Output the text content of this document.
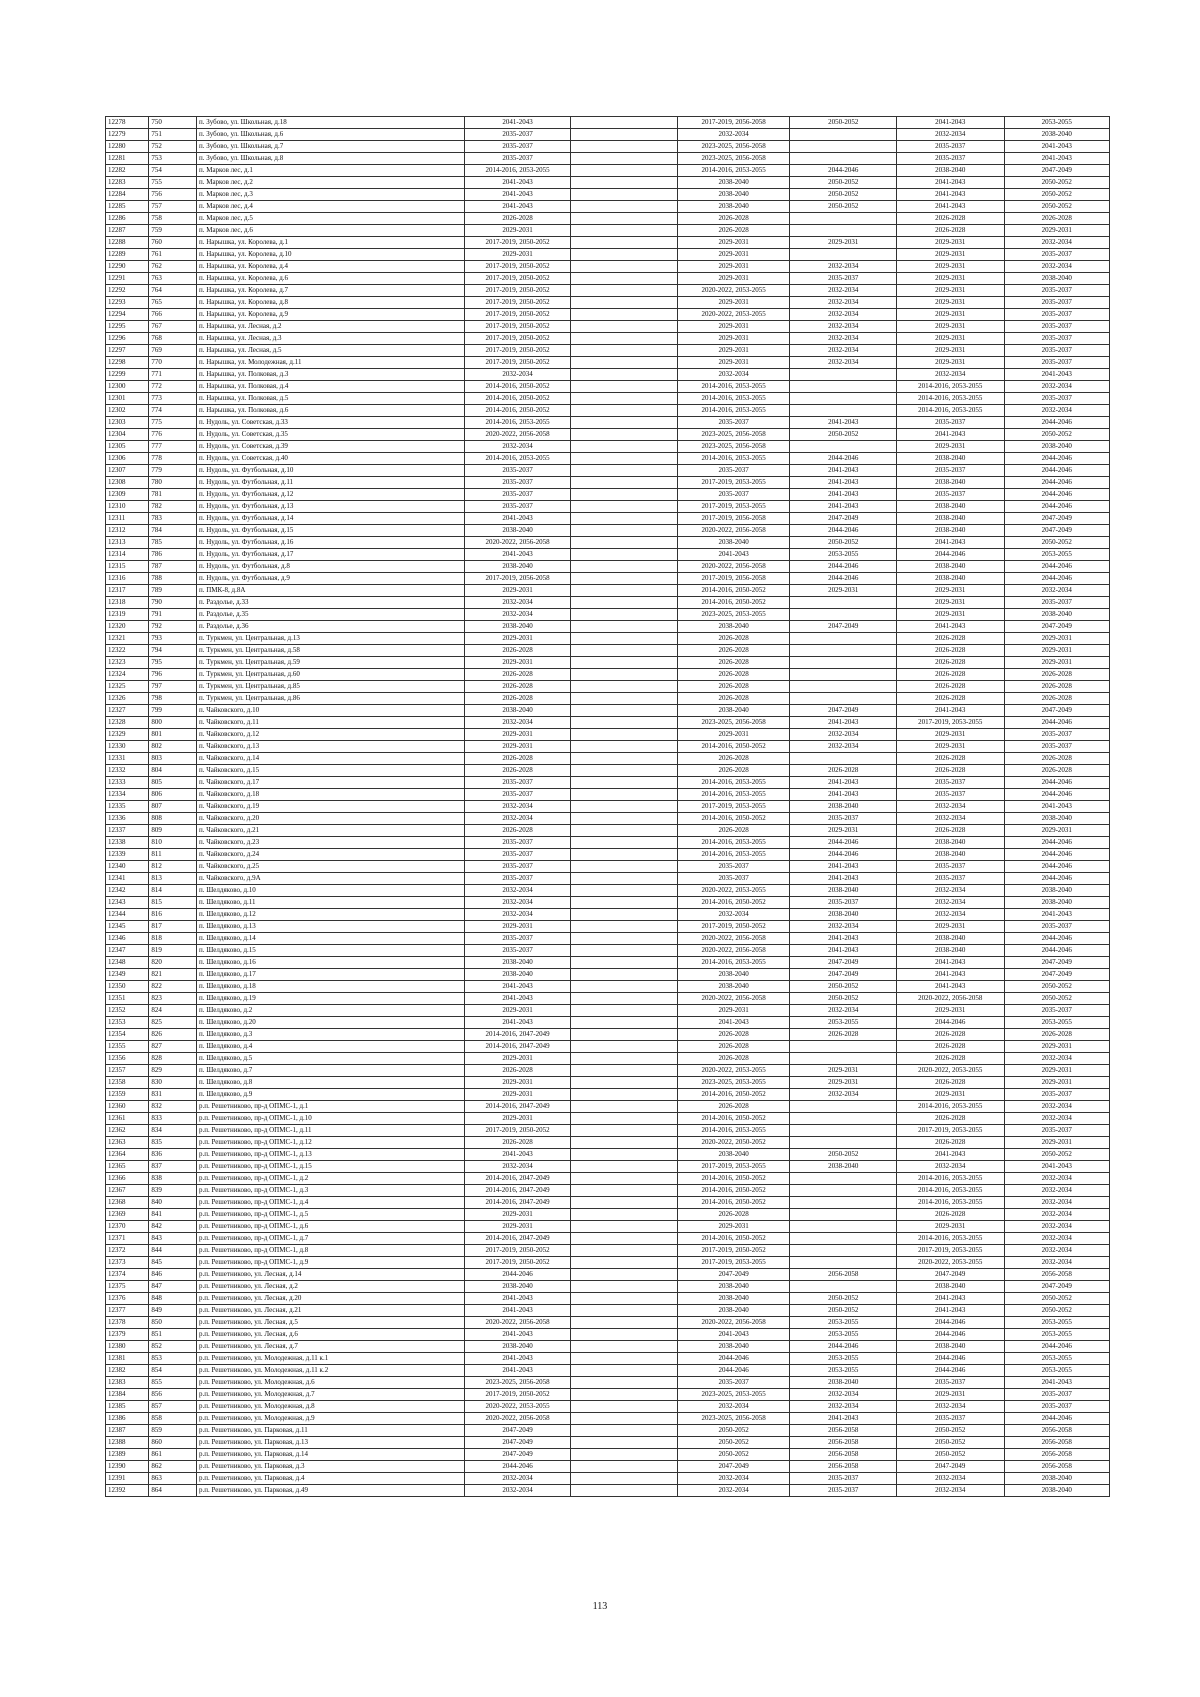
12278	750	п. Зубово, ул. Школьная, д.18	2041-2043		2017-2019, 2056-2058	2050-2052	2041-2043	2053-2055
12279	751	п. Зубово, ул. Школьная, д.6	2035-2037		2032-2034		2032-2034	2038-2040
12280	752	п. Зубово, ул. Школьная, д.7	2035-2037		2023-2025, 2056-2058		2035-2037	2041-2043
12281	753	п. Зубово, ул. Школьная, д.8	2035-2037		2023-2025, 2056-2058		2035-2037	2041-2043
12282	754	п. Марков лес, д.1	2014-2016, 2053-2055		2014-2016, 2053-2055	2044-2046	2038-2040	2047-2049
12283	755	п. Марков лес, д.2	2041-2043		2038-2040	2050-2052	2041-2043	2050-2052
12284	756	п. Марков лес, д.3	2041-2043		2038-2040	2050-2052	2041-2043	2050-2052
12285	757	п. Марков лес, д.4	2041-2043		2038-2040	2050-2052	2041-2043	2050-2052
12286	758	п. Марков лес, д.5	2026-2028		2026-2028		2026-2028	2026-2028
12287	759	п. Марков лес, д.6	2029-2031		2026-2028		2026-2028	2029-2031
12288	760	п. Нарышка, ул. Королева, д.1	2017-2019, 2050-2052		2029-2031	2029-2031	2029-2031	2032-2034
12289	761	п. Нарышка, ул. Королева, д.10	2029-2031		2029-2031		2029-2031	2035-2037
12290	762	п. Нарышка, ул. Королева, д.4	2017-2019, 2050-2052		2029-2031	2032-2034	2029-2031	2032-2034
12291	763	п. Нарышка, ул. Королева, д.6	2017-2019, 2050-2052		2029-2031	2035-2037	2029-2031	2038-2040
12292	764	п. Нарышка, ул. Королева, д.7	2017-2019, 2050-2052		2020-2022, 2053-2055	2032-2034	2029-2031	2035-2037
12293	765	п. Нарышка, ул. Королева, д.8	2017-2019, 2050-2052		2029-2031	2032-2034	2029-2031	2035-2037
12294	766	п. Нарышка, ул. Королева, д.9	2017-2019, 2050-2052		2020-2022, 2053-2055	2032-2034	2029-2031	2035-2037
12295	767	п. Нарышка, ул. Лесная, д.2	2017-2019, 2050-2052		2029-2031	2032-2034	2029-2031	2035-2037
12296	768	п. Нарышка, ул. Лесная, д.3	2017-2019, 2050-2052		2029-2031	2032-2034	2029-2031	2035-2037
12297	769	п. Нарышка, ул. Лесная, д.5	2017-2019, 2050-2052		2029-2031	2032-2034	2029-2031	2035-2037
12298	770	п. Нарышка, ул. Молодежная, д.11	2017-2019, 2050-2052		2029-2031	2032-2034	2029-2031	2035-2037
12299	771	п. Нарышка, ул. Полковая, д.3	2032-2034		2032-2034		2032-2034	2041-2043
12300	772	п. Нарышка, ул. Полковая, д.4	2014-2016, 2050-2052		2014-2016, 2053-2055		2014-2016, 2053-2055	2032-2034
12301	773	п. Нарышка, ул. Полковая, д.5	2014-2016, 2050-2052		2014-2016, 2053-2055		2014-2016, 2053-2055	2035-2037
12302	774	п. Нарышка, ул. Полковая, д.6	2014-2016, 2050-2052		2014-2016, 2053-2055		2014-2016, 2053-2055	2032-2034
12303	775	п. Нудоль, ул. Советская, д.33	2014-2016, 2053-2055		2035-2037	2041-2043	2035-2037	2044-2046
12304	776	п. Нудоль, ул. Советская, д.35	2020-2022, 2056-2058		2023-2025, 2056-2058	2050-2052	2041-2043	2050-2052
12305	777	п. Нудоль, ул. Советская, д.39	2032-2034		2023-2025, 2056-2058		2029-2031	2038-2040
12306	778	п. Нудоль, ул. Советская, д.40	2014-2016, 2053-2055		2014-2016, 2053-2055	2044-2046	2038-2040	2044-2046
12307	779	п. Нудоль, ул. Футбольная, д.10	2035-2037		2035-2037	2041-2043	2035-2037	2044-2046
12308	780	п. Нудоль, ул. Футбольная, д.11	2035-2037		2017-2019, 2053-2055	2041-2043	2038-2040	2044-2046
12309	781	п. Нудоль, ул. Футбольная, д.12	2035-2037		2035-2037	2041-2043	2035-2037	2044-2046
12310	782	п. Нудоль, ул. Футбольная, д.13	2035-2037		2017-2019, 2053-2055	2041-2043	2038-2040	2044-2046
12311	783	п. Нудоль, ул. Футбольная, д.14	2041-2043		2017-2019, 2056-2058	2047-2049	2038-2040	2047-2049
12312	784	п. Нудоль, ул. Футбольная, д.15	2038-2040		2020-2022, 2056-2058	2044-2046	2038-2040	2047-2049
12313	785	п. Нудоль, ул. Футбольная, д.16	2020-2022, 2056-2058		2038-2040	2050-2052	2041-2043	2050-2052
12314	786	п. Нудоль, ул. Футбольная, д.17	2041-2043		2041-2043	2053-2055	2044-2046	2053-2055
12315	787	п. Нудоль, ул. Футбольная, д.8	2038-2040		2020-2022, 2056-2058	2044-2046	2038-2040	2044-2046
12316	788	п. Нудоль, ул. Футбольная, д.9	2017-2019, 2056-2058		2017-2019, 2056-2058	2044-2046	2038-2040	2044-2046
12317	789	п. ПМК-8, д.8А	2029-2031		2014-2016, 2050-2052	2029-2031	2029-2031	2032-2034
12318	790	п. Раздолье, д.33	2032-2034		2014-2016, 2050-2052		2029-2031	2035-2037
12319	791	п. Раздолье, д.35	2032-2034		2023-2025, 2053-2055		2029-2031	2038-2040
12320	792	п. Раздолье, д.36	2038-2040		2038-2040	2047-2049	2041-2043	2047-2049
12321	793	п. Туркмен, ул. Центральная, д.13	2029-2031		2026-2028		2026-2028	2029-2031
12322	794	п. Туркмен, ул. Центральная, д.58	2026-2028		2026-2028		2026-2028	2029-2031
12323	795	п. Туркмен, ул. Центральная, д.59	2029-2031		2026-2028		2026-2028	2029-2031
12324	796	п. Туркмен, ул. Центральная, д.60	2026-2028		2026-2028		2026-2028	2026-2028
12325	797	п. Туркмен, ул. Центральная, д.85	2026-2028		2026-2028		2026-2028	2026-2028
12326	798	п. Туркмен, ул. Центральная, д.86	2026-2028		2026-2028		2026-2028	2026-2028
12327	799	п. Чайковского, д.10	2038-2040		2038-2040	2047-2049	2041-2043	2047-2049
12328	800	п. Чайковского, д.11	2032-2034		2023-2025, 2056-2058	2041-2043	2017-2019, 2053-2055	2044-2046
12329	801	п. Чайковского, д.12	2029-2031		2029-2031	2032-2034	2029-2031	2035-2037
12330	802	п. Чайковского, д.13	2029-2031		2014-2016, 2050-2052	2032-2034	2029-2031	2035-2037
12331	803	п. Чайковского, д.14	2026-2028		2026-2028		2026-2028	2026-2028
12332	804	п. Чайковского, д.15	2026-2028		2026-2028	2026-2028	2026-2028	2026-2028
12333	805	п. Чайковского, д.17	2035-2037		2014-2016, 2053-2055	2041-2043	2035-2037	2044-2046
12334	806	п. Чайковского, д.18	2035-2037		2014-2016, 2053-2055	2041-2043	2035-2037	2044-2046
12335	807	п. Чайковского, д.19	2032-2034		2017-2019, 2053-2055	2038-2040	2032-2034	2041-2043
12336	808	п. Чайковского, д.20	2032-2034		2014-2016, 2050-2052	2035-2037	2032-2034	2038-2040
12337	809	п. Чайковского, д.21	2026-2028		2026-2028	2029-2031	2026-2028	2029-2031
12338	810	п. Чайковского, д.23	2035-2037		2014-2016, 2053-2055	2044-2046	2038-2040	2044-2046
12339	811	п. Чайковского, д.24	2035-2037		2014-2016, 2053-2055	2044-2046	2038-2040	2044-2046
12340	812	п. Чайковского, д.25	2035-2037		2035-2037	2041-2043	2035-2037	2044-2046
12341	813	п. Чайковского, д.9А	2035-2037		2035-2037	2041-2043	2035-2037	2044-2046
12342	814	п. Шелдяково, д.10	2032-2034		2020-2022, 2053-2055	2038-2040	2032-2034	2038-2040
12343	815	п. Шелдяково, д.11	2032-2034		2014-2016, 2050-2052	2035-2037	2032-2034	2038-2040
12344	816	п. Шелдяково, д.12	2032-2034		2032-2034	2038-2040	2032-2034	2041-2043
12345	817	п. Шелдяково, д.13	2029-2031		2017-2019, 2050-2052	2032-2034	2029-2031	2035-2037
12346	818	п. Шелдяково, д.14	2035-2037		2020-2022, 2056-2058	2041-2043	2038-2040	2044-2046
12347	819	п. Шелдяково, д.15	2035-2037		2020-2022, 2056-2058	2041-2043	2038-2040	2044-2046
12348	820	п. Шелдяково, д.16	2038-2040		2014-2016, 2053-2055	2047-2049	2041-2043	2047-2049
12349	821	п. Шелдяково, д.17	2038-2040		2038-2040	2047-2049	2041-2043	2047-2049
12350	822	п. Шелдяково, д.18	2041-2043		2038-2040	2050-2052	2041-2043	2050-2052
12351	823	п. Шелдяково, д.19	2041-2043		2020-2022, 2056-2058	2050-2052	2020-2022, 2056-2058	2050-2052
12352	824	п. Шелдяково, д.2	2029-2031		2029-2031	2032-2034	2029-2031	2035-2037
12353	825	п. Шелдяково, д.20	2041-2043		2041-2043	2053-2055	2044-2046	2053-2055
12354	826	п. Шелдяково, д.3	2014-2016, 2047-2049		2026-2028	2026-2028	2026-2028	2026-2028
12355	827	п. Шелдяково, д.4	2014-2016, 2047-2049		2026-2028		2026-2028	2029-2031
12356	828	п. Шелдяково, д.5	2029-2031		2026-2028		2026-2028	2032-2034
12357	829	п. Шелдяково, д.7	2026-2028		2020-2022, 2053-2055	2029-2031	2020-2022, 2053-2055	2029-2031
12358	830	п. Шелдяково, д.8	2029-2031		2023-2025, 2053-2055	2029-2031	2026-2028	2029-2031
12359	831	п. Шелдяково, д.9	2029-2031		2014-2016, 2050-2052	2032-2034	2029-2031	2035-2037
12360	832	р.п. Решетниково, пр-д ОПМС-1, д.1	2014-2016, 2047-2049		2026-2028		2014-2016, 2053-2055	2032-2034
12361	833	р.п. Решетниково, пр-д ОПМС-1, д.10	2029-2031		2014-2016, 2050-2052		2026-2028	2032-2034
12362	834	р.п. Решетниково, пр-д ОПМС-1, д.11	2017-2019, 2050-2052		2014-2016, 2053-2055		2017-2019, 2053-2055	2035-2037
12363	835	р.п. Решетниково, пр-д ОПМС-1, д.12	2026-2028		2020-2022, 2050-2052		2026-2028	2029-2031
12364	836	р.п. Решетниково, пр-д ОПМС-1, д.13	2041-2043		2038-2040	2050-2052	2041-2043	2050-2052
12365	837	р.п. Решетниково, пр-д ОПМС-1, д.15	2032-2034		2017-2019, 2053-2055	2038-2040	2032-2034	2041-2043
12366	838	р.п. Решетниково, пр-д ОПМС-1, д.2	2014-2016, 2047-2049		2014-2016, 2050-2052		2014-2016, 2053-2055	2032-2034
12367	839	р.п. Решетниково, пр-д ОПМС-1, д.3	2014-2016, 2047-2049		2014-2016, 2050-2052		2014-2016, 2053-2055	2032-2034
12368	840	р.п. Решетниково, пр-д ОПМС-1, д.4	2014-2016, 2047-2049		2014-2016, 2050-2052		2014-2016, 2053-2055	2032-2034
12369	841	р.п. Решетниково, пр-д ОПМС-1, д.5	2029-2031		2026-2028		2026-2028	2032-2034
12370	842	р.п. Решетниково, пр-д ОПМС-1, д.6	2029-2031		2029-2031		2029-2031	2032-2034
12371	843	р.п. Решетниково, пр-д ОПМС-1, д.7	2014-2016, 2047-2049		2014-2016, 2050-2052		2014-2016, 2053-2055	2032-2034
12372	844	р.п. Решетниково, пр-д ОПМС-1, д.8	2017-2019, 2050-2052		2017-2019, 2050-2052		2017-2019, 2053-2055	2032-2034
12373	845	р.п. Решетниково, пр-д ОПМС-1, д.9	2017-2019, 2050-2052		2017-2019, 2053-2055		2020-2022, 2053-2055	2032-2034
12374	846	р.п. Решетниково, ул. Лесная, д.14	2044-2046		2047-2049	2056-2058	2047-2049	2056-2058
12375	847	р.п. Решетниково, ул. Лесная, д.2	2038-2040		2038-2040		2038-2040	2047-2049
12376	848	р.п. Решетниково, ул. Лесная, д.20	2041-2043		2038-2040	2050-2052	2041-2043	2050-2052
12377	849	р.п. Решетниково, ул. Лесная, д.21	2041-2043		2038-2040	2050-2052	2041-2043	2050-2052
12378	850	р.п. Решетниково, ул. Лесная, д.5	2020-2022, 2056-2058		2020-2022, 2056-2058	2053-2055	2044-2046	2053-2055
12379	851	р.п. Решетниково, ул. Лесная, д.6	2041-2043		2041-2043	2053-2055	2044-2046	2053-2055
12380	852	р.п. Решетниково, ул. Лесная, д.7	2038-2040		2038-2040	2044-2046	2038-2040	2044-2046
12381	853	р.п. Решетниково, ул. Молодежная, д.11 к.1	2041-2043		2044-2046	2053-2055	2044-2046	2053-2055
12382	854	р.п. Решетниково, ул. Молодежная, д.11 к.2	2041-2043		2044-2046	2053-2055	2044-2046	2053-2055
12383	855	р.п. Решетниково, ул. Молодежная, д.6	2023-2025, 2056-2058		2035-2037	2038-2040	2035-2037	2041-2043
12384	856	р.п. Решетниково, ул. Молодежная, д.7	2017-2019, 2050-2052		2023-2025, 2053-2055	2032-2034	2029-2031	2035-2037
12385	857	р.п. Решетниково, ул. Молодежная, д.8	2020-2022, 2053-2055		2032-2034	2032-2034	2032-2034	2035-2037
12386	858	р.п. Решетниково, ул. Молодежная, д.9	2020-2022, 2056-2058		2023-2025, 2056-2058	2041-2043	2035-2037	2044-2046
12387	859	р.п. Решетниково, ул. Парковая, д.11	2047-2049		2050-2052	2056-2058	2050-2052	2056-2058
12388	860	р.п. Решетниково, ул. Парковая, д.13	2047-2049		2050-2052	2056-2058	2050-2052	2056-2058
12389	861	р.п. Решетниково, ул. Парковая, д.14	2047-2049		2050-2052	2056-2058	2050-2052	2056-2058
12390	862	р.п. Решетниково, ул. Парковая, д.3	2044-2046		2047-2049	2056-2058	2047-2049	2056-2058
12391	863	р.п. Решетниково, ул. Парковая, д.4	2032-2034		2032-2034	2035-2037	2032-2034	2038-2040
12392	864	р.п. Решетниково, ул. Парковая, д.49	2032-2034		2032-2034	2035-2037	2032-2034	2038-2040
113
